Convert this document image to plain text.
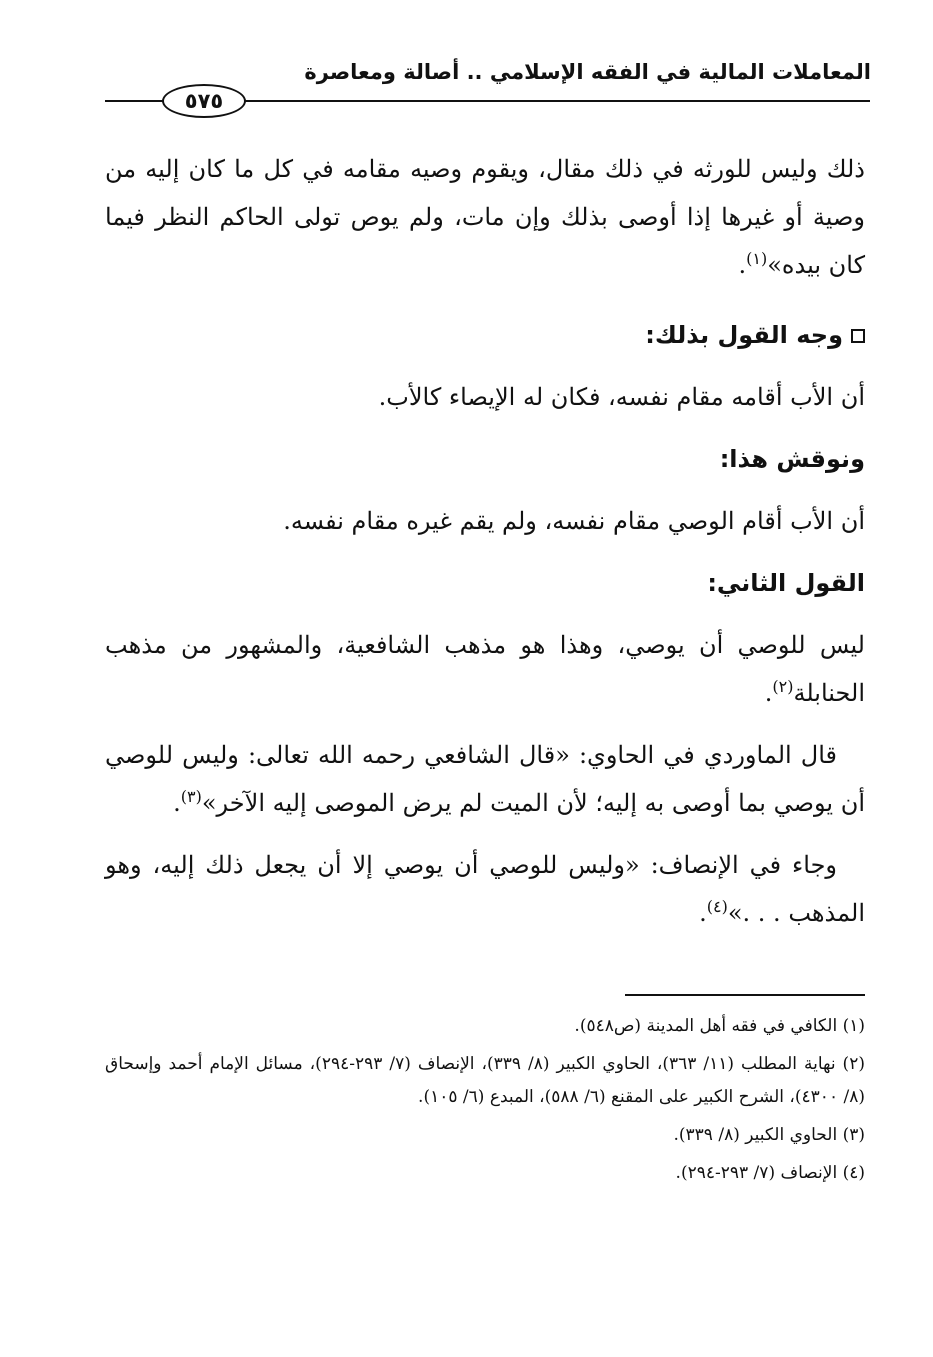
المعاملات المالية في الفقه الإسلامي .. أصالة ومعاصرة
٥٧٥

ذلك وليس للورثه في ذلك مقال، ويقوم وصيه مقامه في كل ما كان إليه من وصية أو غيرها إذا أوصى بذلك وإن مات، ولم يوص تولى الحاكم النظر فيما كان بيده»$^{(١)}$.

وجه القول بذلك:

أن الأب أقامه مقام نفسه، فكان له الإيصاء كالأب.

ونوقش هذا:

أن الأب أقام الوصي مقام نفسه، ولم يقم غيره مقام نفسه.

القول الثاني:

ليس للوصي أن يوصي، وهذا هو مذهب الشافعية، والمشهور من مذهب الحنابلة$^{(٢)}$.

قال الماوردي في الحاوي: «قال الشافعي رحمه الله تعالى: وليس للوصي أن يوصي بما أوصى به إليه؛ لأن الميت لم يرض الموصى إليه الآخر»$^{(٣)}$.

وجاء في الإنصاف: «وليس للوصي أن يوصي إلا أن يجعل ذلك إليه، وهو المذهب . . .»$^{(٤)}$.

(١) الكافي في فقه أهل المدينة (ص٥٤٨).

(٢) نهاية المطلب (١١/ ٣٦٣)، الحاوي الكبير (٨/ ٣٣٩)، الإنصاف (٧/ ٢٩٣-٢٩٤)، مسائل الإمام أحمد وإسحاق (٨/ ٤٣٠٠)، الشرح الكبير على المقنع (٦/ ٥٨٨)، المبدع (٦/ ١٠٥).

(٣) الحاوي الكبير (٨/ ٣٣٩).

(٤) الإنصاف (٧/ ٢٩٣-٢٩٤).
